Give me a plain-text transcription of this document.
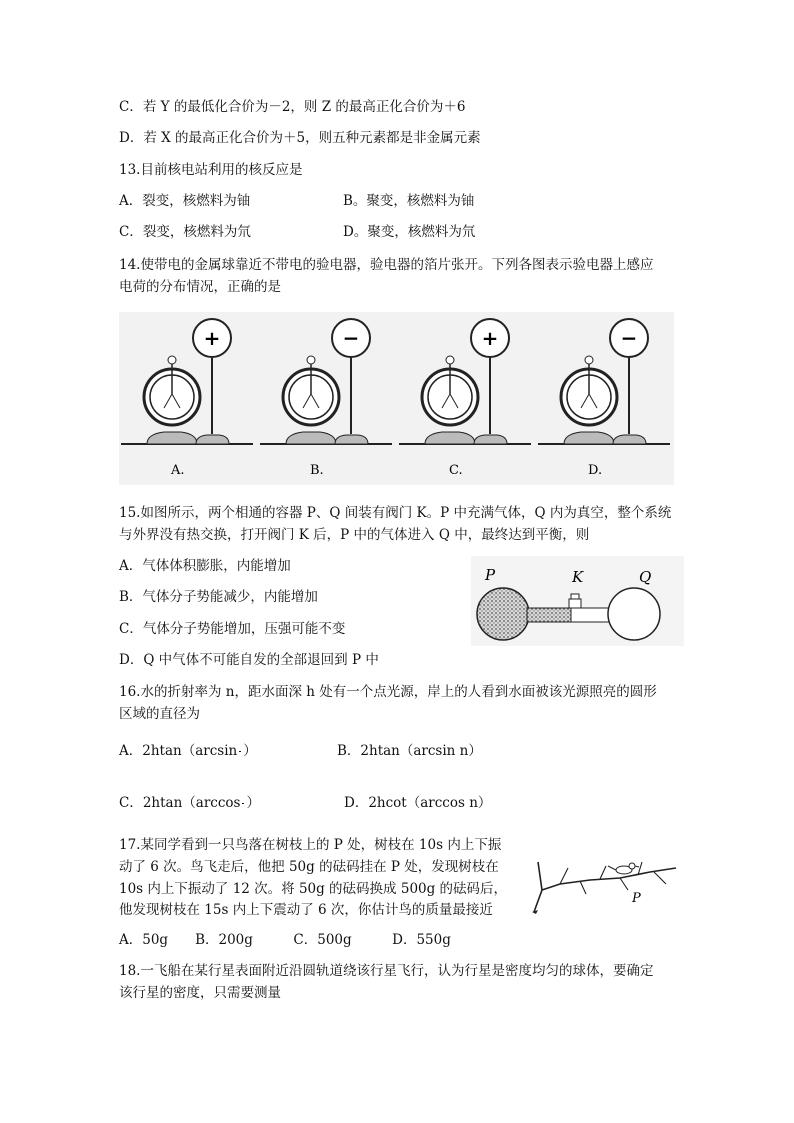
C．若 Y 的最低化合价为－2，则 Z 的最高正化合价为＋6
D．若 X 的最高正化合价为＋5，则五种元素都是非金属元素
13.目前核电站利用的核反应是
A．裂变，核燃料为铀	B。聚变，核燃料为铀
C．裂变，核燃料为氘	D。聚变，核燃料为氘
14.使带电的金属球靠近不带电的验电器，验电器的箔片张开。下列各图表示验电器上感应
电荷的分布情况，正确的是
A.
+
B.
−
C.
+
D.
−
15.如图所示，两个相通的容器 P、Q 间装有阀门 K。P 中充满气体，Q 内为真空，整个系统
与外界没有热交换，打开阀门 K 后，P 中的气体进入 Q 中，最终达到平衡，则
A．气体体积膨胀，内能增加
B．气体分子势能减少，内能增加
C．气体分子势能增加，压强可能不变
D．Q 中气体不可能自发的全部退回到 P 中
P	K	Q
16.水的折射率为 n，距水面深 h 处有一个点光源，岸上的人看到水面被该光源照亮的圆形
区域的直径为
A．2htan（arcsin ）	B．2htan（arcsin n）
C．2htan（arccos ）	D．2hcot（arccos n）
17.某同学看到一只鸟落在树枝上的 P 处，树枝在 10s 内上下振
动了 6 次。鸟飞走后，他把 50g 的砝码挂在 P 处，发现树枝在
10s 内上下振动了 12 次。将 50g 的砝码换成 500g 的砝码后，
他发现树枝在 15s 内上下震动了 6 次，你估计鸟的质量最接近
A．50g　　B．200g　　　C．500g　　　D．550g
P
18.一飞船在某行星表面附近沿圆轨道绕该行星飞行，认为行星是密度均匀的球体，要确定
该行星的密度，只需要测量
